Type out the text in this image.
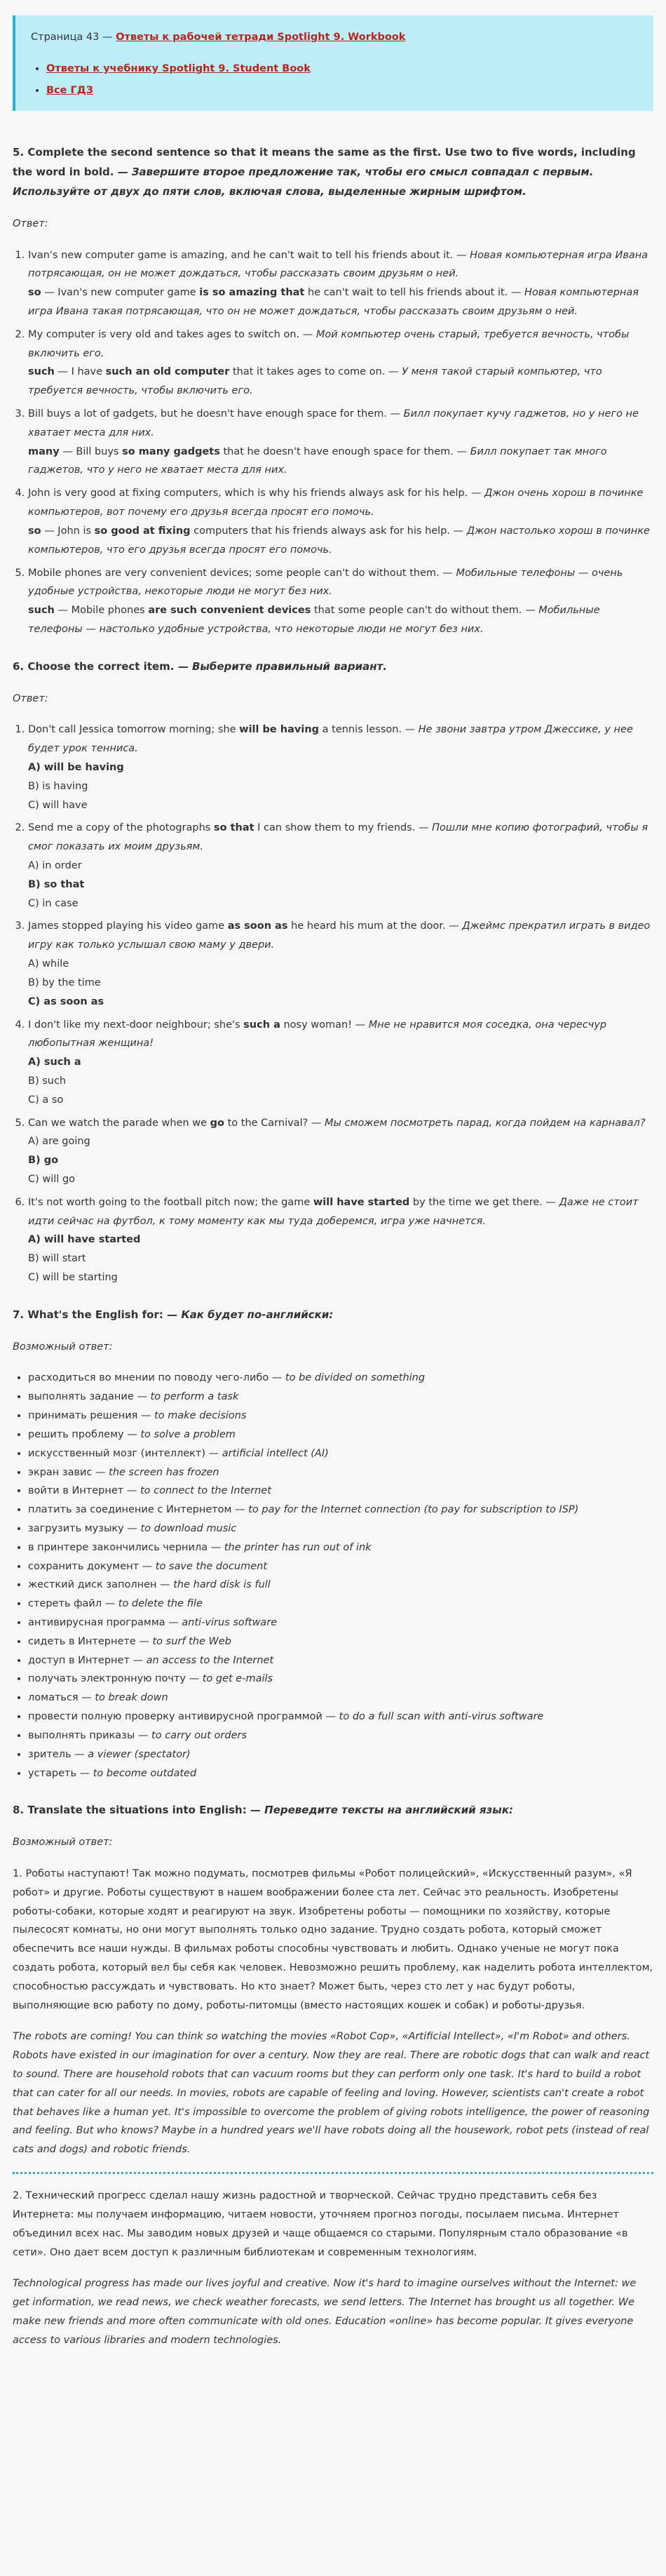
Страница 43 — Ответы к рабочей тетради Spotlight 9. Workbook

• Ответы к учебнику Spotlight 9. Student Book
• Все ГДЗ
5. Complete the second sentence so that it means the same as the first. Use two to five words, including the word in bold. — Завершите второе предложение так, чтобы его смысл совпадал с первым. Используйте от двух до пяти слов, включая слова, выделенные жирным шрифтом.

Ответ:

1. Ivan's new computer game is amazing, and he can't wait to tell his friends about it. — Новая компьютерная игра Ивана потрясающая, он не может дождаться, чтобы рассказать своим друзьям о ней.
so — Ivan's new computer game is so amazing that he can't wait to tell his friends about it. — Новая компьютерная игра Ивана такая потрясающая, что он не может дождаться, чтобы рассказать своим друзьям о ней.
2. My computer is very old and takes ages to switch on. — Мой компьютер очень старый, требуется вечность, чтобы включить его.
such — I have such an old computer that it takes ages to come on. — У меня такой старый компьютер, что требуется вечность, чтобы включить его.
3. Bill buys a lot of gadgets, but he doesn't have enough space for them. — Билл покупает кучу гаджетов, но у него не хватает места для них.
many — Bill buys so many gadgets that he doesn't have enough space for them. — Билл покупает так много гаджетов, что у него не хватает места для них.
4. John is very good at fixing computers, which is why his friends always ask for his help. — Джон очень хорош в починке компьютеров, вот почему его друзья всегда просят его помочь.
so — John is so good at fixing computers that his friends always ask for his help. — Джон настолько хорош в починке компьютеров, что его друзья всегда просят его помочь.
5. Mobile phones are very convenient devices; some people can't do without them. — Мобильные телефоны — очень удобные устройства, некоторые люди не могут без них.
such — Mobile phones are such convenient devices that some people can't do without them. — Мобильные телефоны — настолько удобные устройства, что некоторые люди не могут без них.
6. Choose the correct item. — Выберите правильный вариант.

Ответ:

1. Don't call Jessica tomorrow morning; she will be having a tennis lesson. — Не звони завтра утром Джессике, у нее будет урок тенниса.
A) will be having
B) is having
C) will have
2. Send me a copy of the photographs so that I can show them to my friends. — Пошли мне копию фотографий, чтобы я смог показать их моим друзьям.
A) in order
B) so that
C) in case
3. James stopped playing his video game as soon as he heard his mum at the door. — Джеймс прекратил играть в видео игру как только услышал свою маму у двери.
A) while
B) by the time
C) as soon as
4. I don't like my next-door neighbour; she's such a nosy woman! — Мне не нравится моя соседка, она чересчур любопытная женщина!
A) such a
B) such
C) a so
5. Can we watch the parade when we go to the Carnival? — Мы сможем посмотреть парад, когда пойдем на карнавал?
A) are going
B) go
C) will go
6. It's not worth going to the football pitch now; the game will have started by the time we get there. — Даже не стоит идти сейчас на футбол, к тому моменту как мы туда доберемся, игра уже начнется.
A) will have started
B) will start
C) will be starting
7. What's the English for: — Как будет по-английски:

Возможный ответ:

• расходиться во мнении по поводу чего-либо — to be divided on something
• выполнять задание — to perform a task
• принимать решения — to make decisions
• решить проблему — to solve a problem
• искусственный мозг (интеллект) — artificial intellect (AI)
• экран завис — the screen has frozen
• войти в Интернет — to connect to the Internet
• платить за соединение с Интернетом — to pay for the Internet connection (to pay for subscription to ISP)
• загрузить музыку — to download music
• в принтере закончились чернила — the printer has run out of ink
• сохранить документ — to save the document
• жесткий диск заполнен — the hard disk is full
• стереть файл — to delete the file
• антивирусная программа — anti-virus software
• сидеть в Интернете — to surf the Web
• доступ в Интернет — an access to the Internet
• получать электронную почту — to get e-mails
• ломаться — to break down
• провести полную проверку антивирусной программой — to do a full scan with anti-virus software
• выполнять приказы — to carry out orders
• зритель — a viewer (spectator)
• устареть — to become outdated
8. Translate the situations into English: — Переведите тексты на английский язык:

Возможный ответ:

1. Роботы наступают! Так можно подумать, посмотрев фильмы «Робот полицейский», «Искусственный разум», «Я робот» и другие. Роботы существуют в нашем воображении более ста лет. Сейчас это реальность. Изобретены роботы-собаки, которые ходят и реагируют на звук. Изобретены роботы — помощники по хозяйству, которые пылесосят комнаты, но они могут выполнять только одно задание. Трудно создать робота, который сможет обеспечить все наши нужды. В фильмах роботы способны чувствовать и любить. Однако ученые не могут пока создать робота, который вел бы себя как человек. Невозможно решить проблему, как наделить робота интеллектом, способностью рассуждать и чувствовать. Но кто знает? Может быть, через сто лет у нас будут роботы, выполняющие всю работу по дому, роботы-питомцы (вместо настоящих кошек и собак) и роботы-друзья.

The robots are coming! You can think so watching the movies «Robot Cop», «Artificial Intellect», «I'm Robot» and others. Robots have existed in our imagination for over a century. Now they are real. There are robotic dogs that can walk and react to sound. There are household robots that can vacuum rooms but they can perform only one task. It's hard to build a robot that can cater for all our needs. In movies, robots are capable of feeling and loving. However, scientists can't create a robot that behaves like a human yet. It's impossible to overcome the problem of giving robots intelligence, the power of reasoning and feeling. But who knows? Maybe in a hundred years we'll have robots doing all the housework, robot pets (instead of real cats and dogs) and robotic friends.

2. Технический прогресс сделал нашу жизнь радостной и творческой. Сейчас трудно представить себя без Интернета: мы получаем информацию, читаем новости, уточняем прогноз погоды, посылаем письма. Интернет объединил всех нас. Мы заводим новых друзей и чаще общаемся со старыми. Популярным стало образование «в сети». Оно дает всем доступ к различным библиотекам и современным технологиям.

Technological progress has made our lives joyful and creative. Now it's hard to imagine ourselves without the Internet: we get information, we read news, we check weather forecasts, we send letters. The Internet has brought us all together. We make new friends and more often communicate with old ones. Education «online» has become popular. It gives everyone access to various libraries and modern technologies.
